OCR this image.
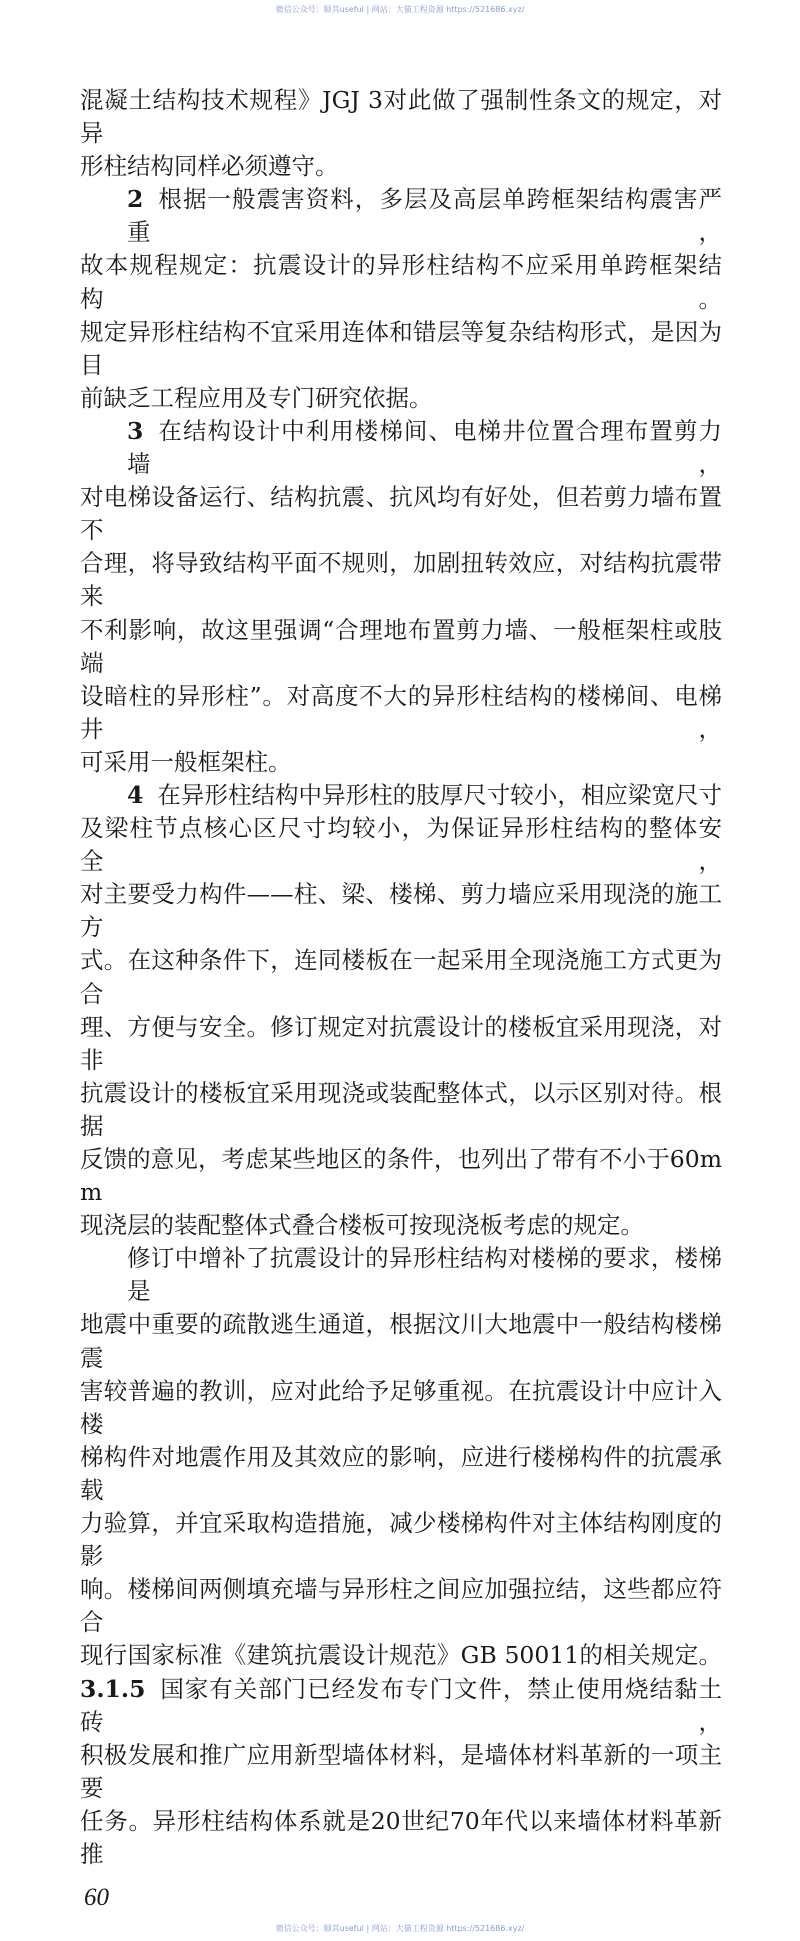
微信公众号：顺其useful | 网站：大猫工程资源 https://521686.xyz/
混凝土结构技术规程》JGJ 3对此做了强制性条文的规定，对异
形柱结构同样必须遵守。
2 根据一般震害资料，多层及高层单跨框架结构震害严重，
故本规程规定：抗震设计的异形柱结构不应采用单跨框架结构。
规定异形柱结构不宜采用连体和错层等复杂结构形式，是因为目
前缺乏工程应用及专门研究依据。
3 在结构设计中利用楼梯间、电梯井位置合理布置剪力墙，
对电梯设备运行、结构抗震、抗风均有好处，但若剪力墙布置不
合理，将导致结构平面不规则，加剧扭转效应，对结构抗震带来
不利影响，故这里强调“合理地布置剪力墙、一般框架柱或肢端
设暗柱的异形柱”。对高度不大的异形柱结构的楼梯间、电梯井，
可采用一般框架柱。
4 在异形柱结构中异形柱的肢厚尺寸较小，相应梁宽尺寸
及梁柱节点核心区尺寸均较小，为保证异形柱结构的整体安全，
对主要受力构件——柱、梁、楼梯、剪力墙应采用现浇的施工方
式。在这种条件下，连同楼板在一起采用全现浇施工方式更为合
理、方便与安全。修订规定对抗震设计的楼板宜采用现浇，对非
抗震设计的楼板宜采用现浇或装配整体式，以示区别对待。根据
反馈的意见，考虑某些地区的条件，也列出了带有不小于60mm
现浇层的装配整体式叠合楼板可按现浇板考虑的规定。
修订中增补了抗震设计的异形柱结构对楼梯的要求，楼梯是
地震中重要的疏散逃生通道，根据汶川大地震中一般结构楼梯震
害较普遍的教训，应对此给予足够重视。在抗震设计中应计入楼
梯构件对地震作用及其效应的影响，应进行楼梯构件的抗震承载
力验算，并宜采取构造措施，减少楼梯构件对主体结构刚度的影
响。楼梯间两侧填充墙与异形柱之间应加强拉结，这些都应符合
现行国家标准《建筑抗震设计规范》GB 50011的相关规定。
3.1.5 国家有关部门已经发布专门文件，禁止使用烧结黏土砖，
积极发展和推广应用新型墙体材料，是墙体材料革新的一项主要
任务。异形柱结构体系就是20世纪70年代以来墙体材料革新推
60
微信公众号：顺其useful | 网站：大猫工程资源 https://521686.xyz/
